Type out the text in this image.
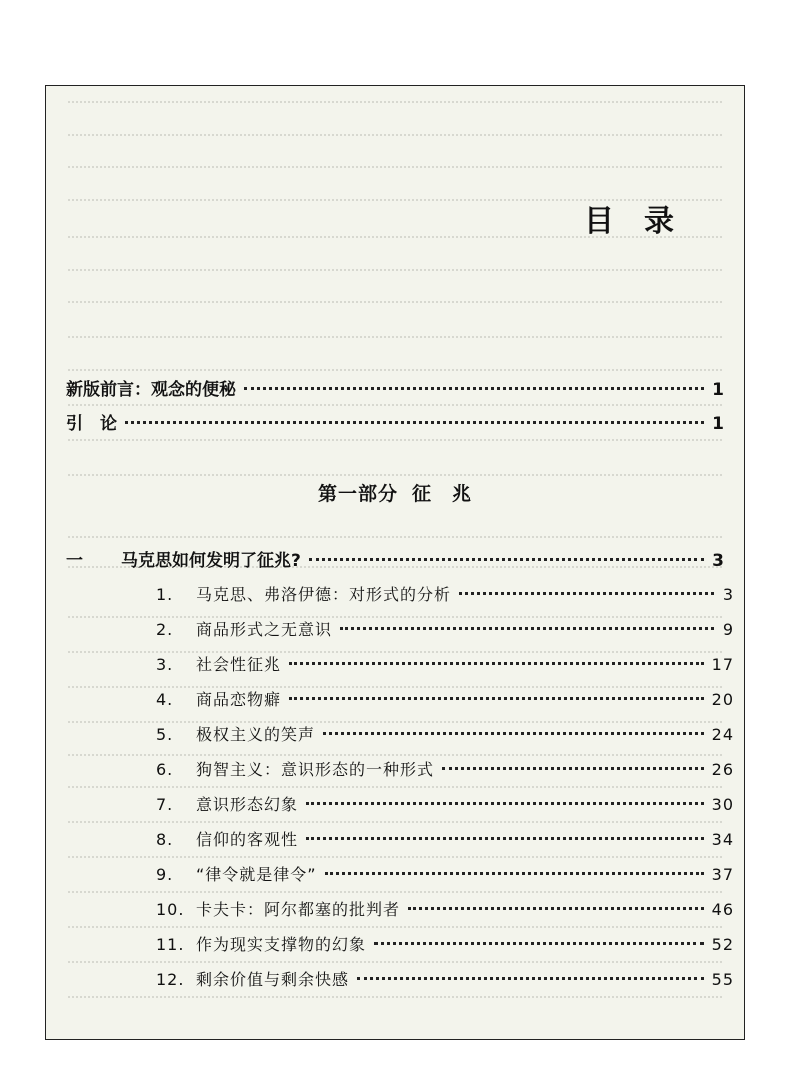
目 录
新版前言：观念的便秘	1
引　论	1
第一部分 征　兆
一 马克思如何发明了征兆?	3
1. 马克思、弗洛伊德：对形式的分析	3
2. 商品形式之无意识	9
3. 社会性征兆	17
4. 商品恋物癖	20
5. 极权主义的笑声	24
6. 狗智主义：意识形态的一种形式	26
7. 意识形态幻象	30
8. 信仰的客观性	34
9. “律令就是律令”	37
10. 卡夫卡：阿尔都塞的批判者	46
11. 作为现实支撑物的幻象	52
12. 剩余价值与剩余快感	55
